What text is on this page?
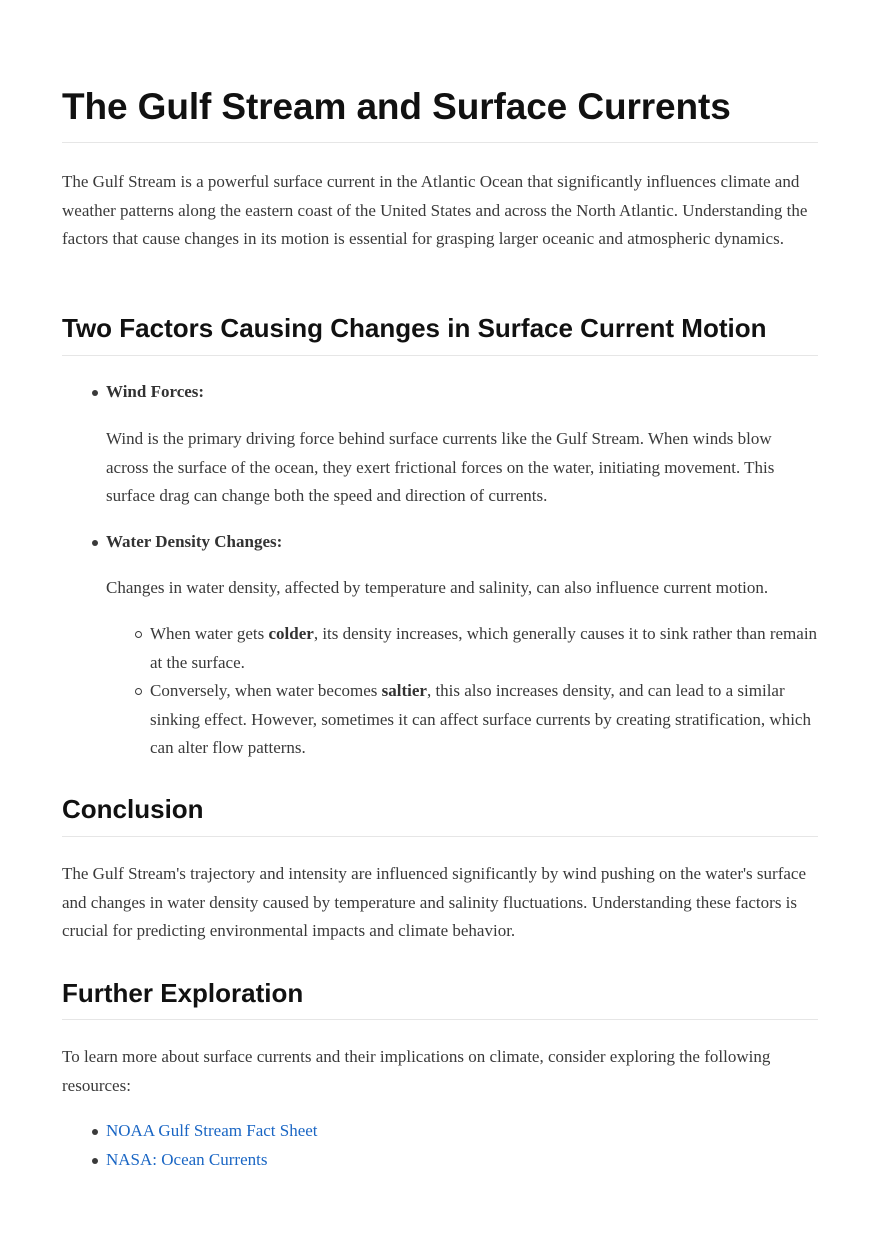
The Gulf Stream and Surface Currents

The Gulf Stream is a powerful surface current in the Atlantic Ocean that significantly influences climate and weather patterns along the eastern coast of the United States and across the North Atlantic. Understanding the factors that cause changes in its motion is essential for grasping larger oceanic and atmospheric dynamics.

Two Factors Causing Changes in Surface Current Motion

Wind Forces:

Wind is the primary driving force behind surface currents like the Gulf Stream. When winds blow across the surface of the ocean, they exert frictional forces on the water, initiating movement. This surface drag can change both the speed and direction of currents.

Water Density Changes:

Changes in water density, affected by temperature and salinity, can also influence current motion.

When water gets colder, its density increases, which generally causes it to sink rather than remain at the surface.

Conversely, when water becomes saltier, this also increases density, and can lead to a similar sinking effect. However, sometimes it can affect surface currents by creating stratification, which can alter flow patterns.

Conclusion

The Gulf Stream's trajectory and intensity are influenced significantly by wind pushing on the water's surface and changes in water density caused by temperature and salinity fluctuations. Understanding these factors is crucial for predicting environmental impacts and climate behavior.

Further Exploration

To learn more about surface currents and their implications on climate, consider exploring the following resources:

NOAA Gulf Stream Fact Sheet

NASA: Ocean Currents
